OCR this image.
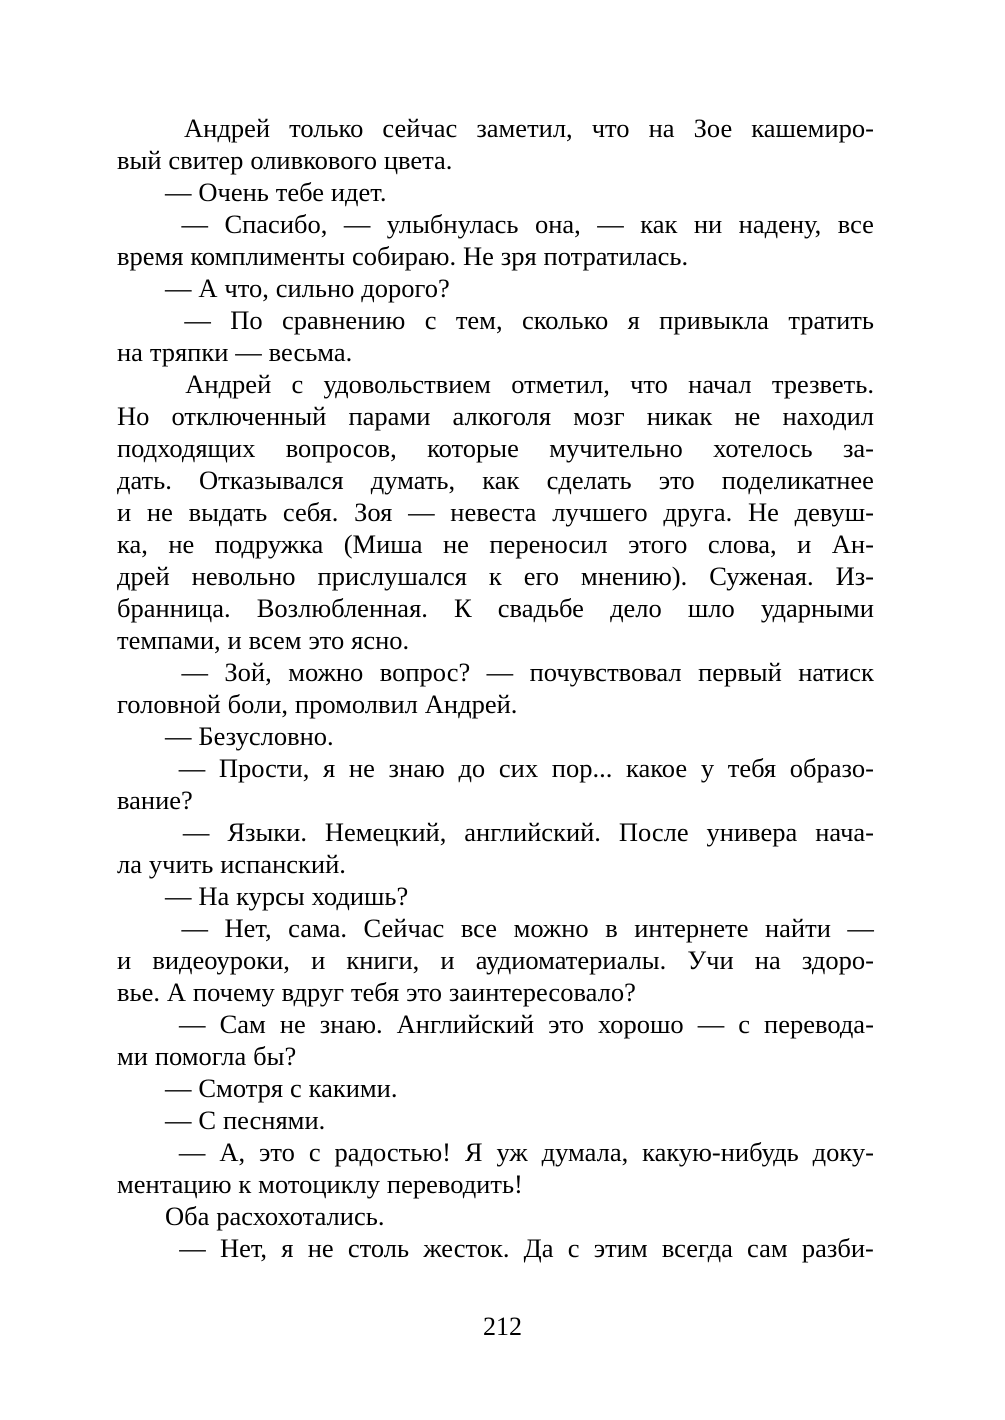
Андрей только сейчас заметил, что на Зое кашемиро-
вый свитер оливкового цвета.
— Очень тебе идет.
— Спасибо, — улыбнулась она, — как ни надену, все
время комплименты собираю. Не зря потратилась.
— А что, сильно дорого?
— По сравнению с тем, сколько я привыкла тратить
на тряпки — весьма.
Андрей с удовольствием отметил, что начал трезветь.
Но отключенный парами алкоголя мозг никак не находил
подходящих вопросов, которые мучительно хотелось за-
дать. Отказывался думать, как сделать это поделикатнее
и не выдать себя. Зоя — невеста лучшего друга. Не девуш-
ка, не подружка (Миша не переносил этого слова, и Ан-
дрей невольно прислушался к его мнению). Суженая. Из-
бранница. Возлюбленная. К свадьбе дело шло ударными
темпами, и всем это ясно.
— Зой, можно вопрос? — почувствовал первый натиск
головной боли, промолвил Андрей.
— Безусловно.
— Прости, я не знаю до сих пор... какое у тебя образо-
вание?
— Языки. Немецкий, английский. После универа нача-
ла учить испанский.
— На курсы ходишь?
— Нет, сама. Сейчас все можно в интернете найти —
и видеоуроки, и книги, и аудиоматериалы. Учи на здоро-
вье. А почему вдруг тебя это заинтересовало?
— Сам не знаю. Английский это хорошо — с перевода-
ми помогла бы?
— Смотря с какими.
— С песнями.
— А, это с радостью! Я уж думала, какую-нибудь доку-
ментацию к мотоциклу переводить!
Оба расхохотались.
— Нет, я не столь жесток. Да с этим всегда сам разби-
212
